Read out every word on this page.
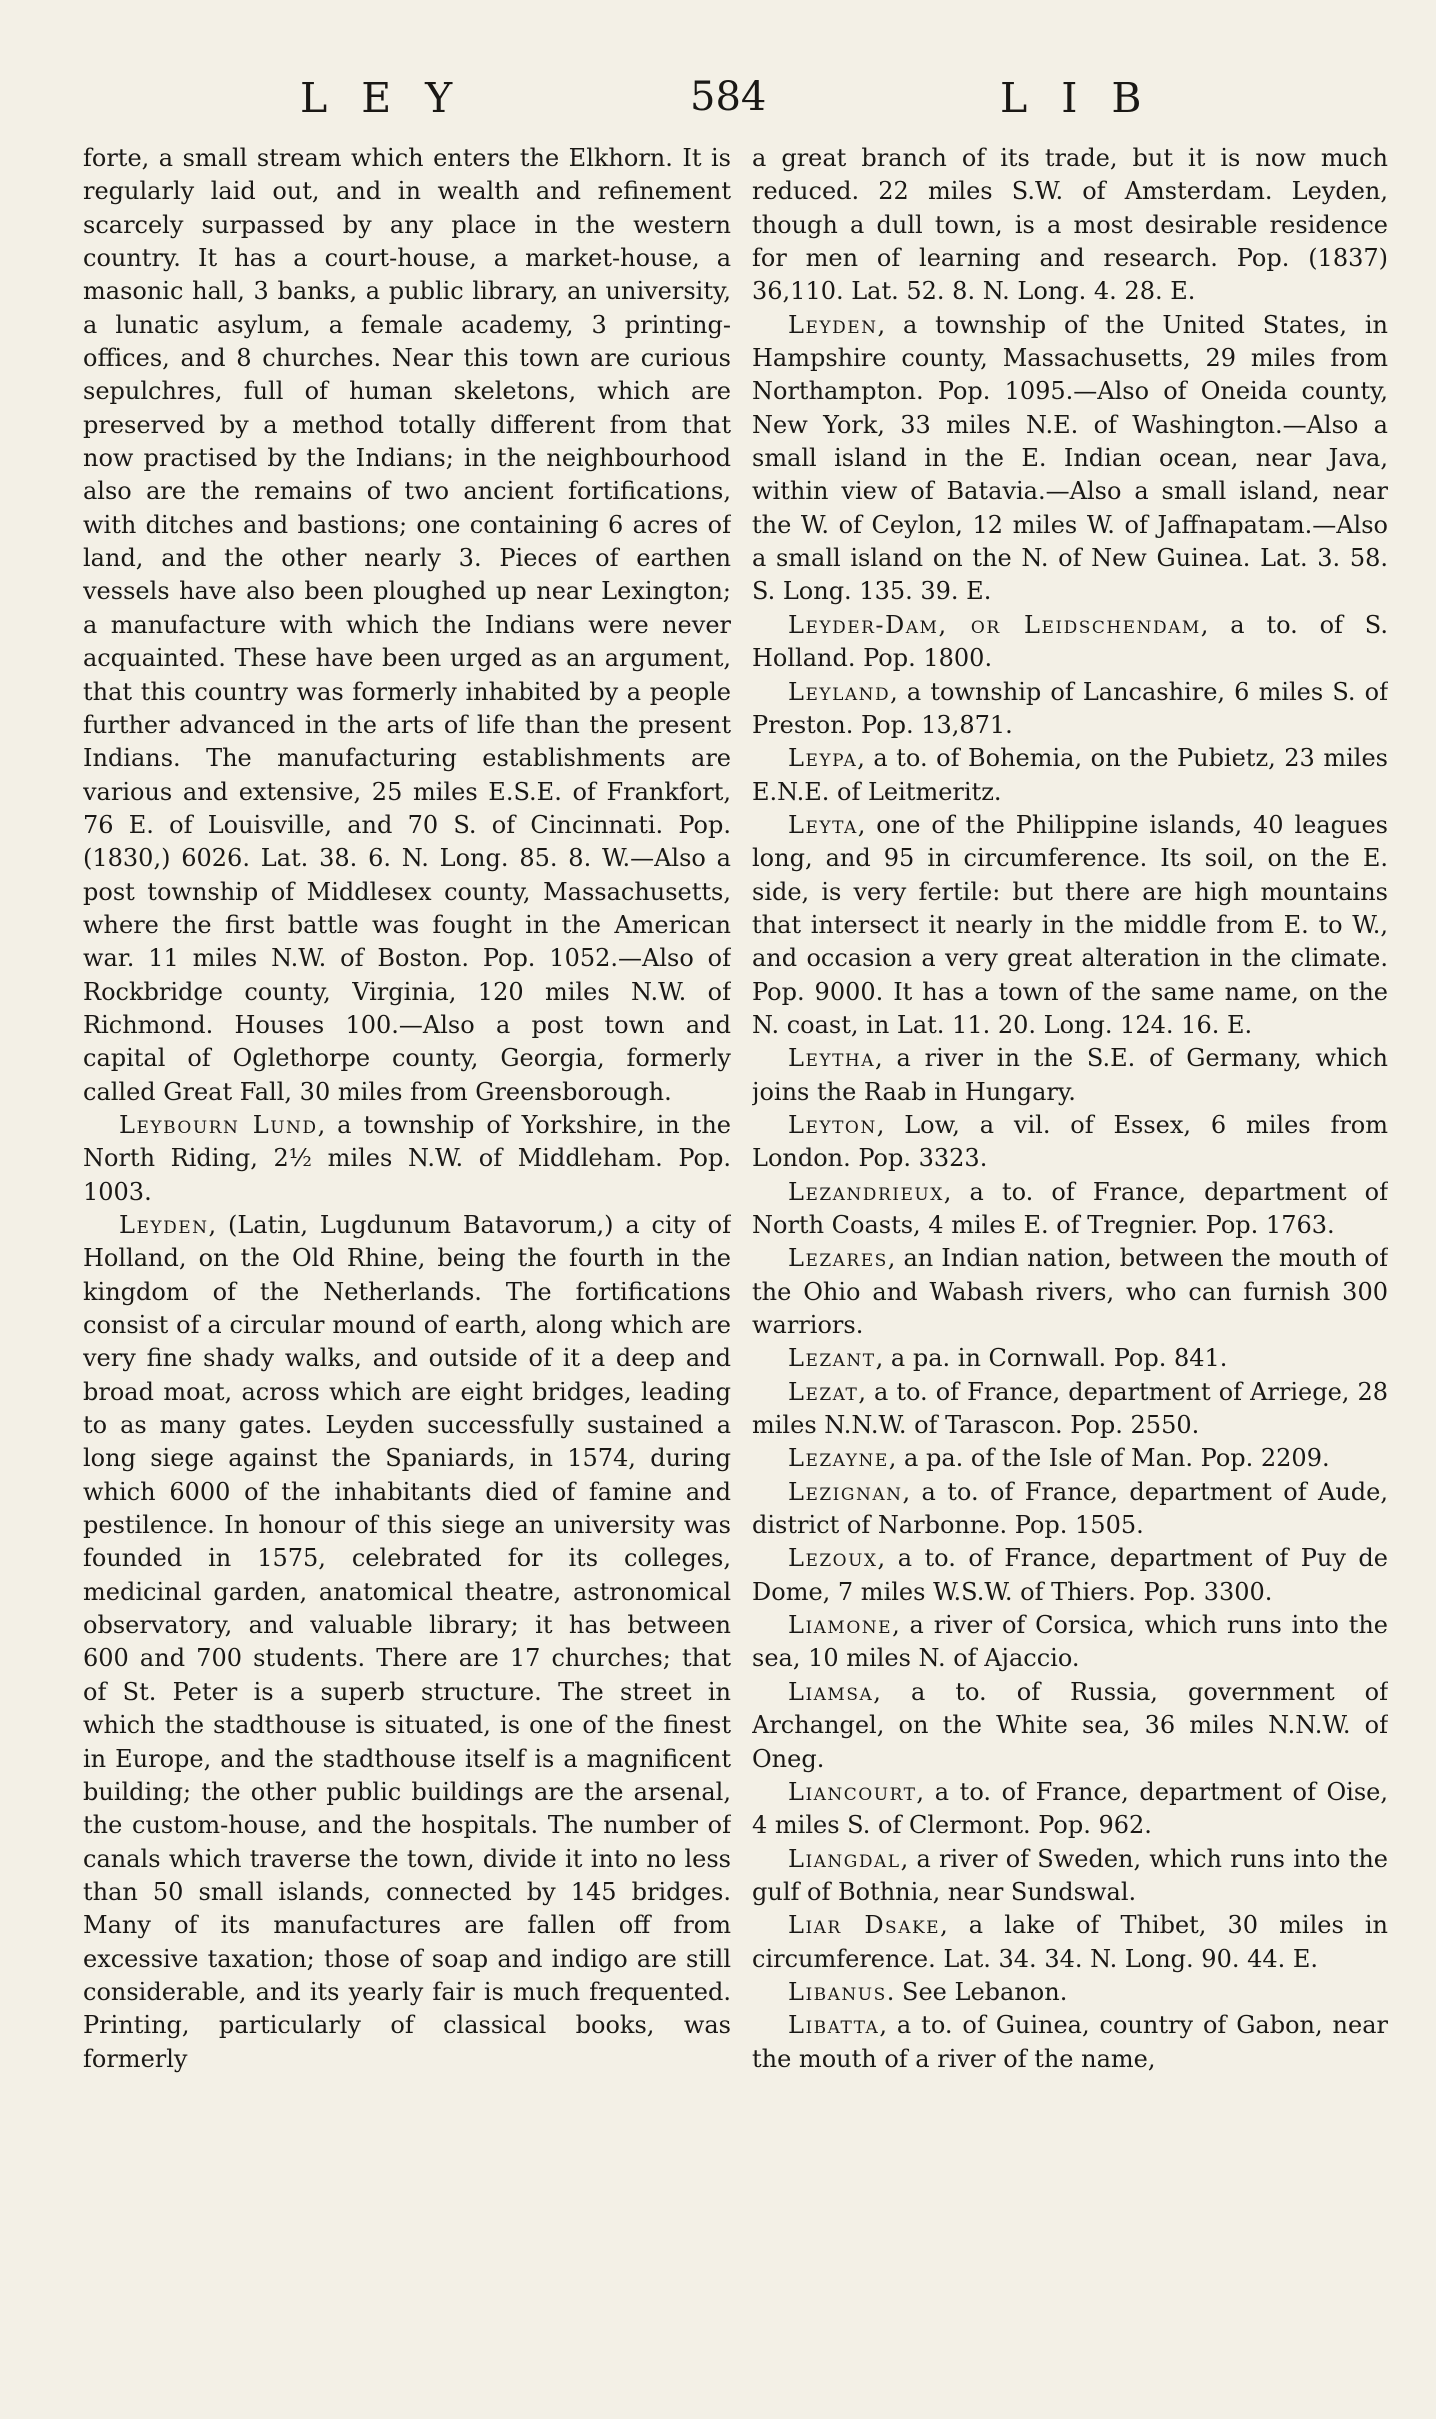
LEY	584	LIB

forte, a small stream which enters the Elkhorn. It is regularly laid out, and in wealth and refinement scarcely surpassed by any place in the western country. It has a court-house, a market-house, a masonic hall, 3 banks, a public library, an university, a lunatic asylum, a female academy, 3 printing-offices, and 8 churches. Near this town are curious sepulchres, full of human skeletons, which are preserved by a method totally different from that now practised by the Indians; in the neighbourhood also are the remains of two ancient fortifications, with ditches and bastions; one containing 6 acres of land, and the other nearly 3. Pieces of earthen vessels have also been ploughed up near Lexington; a manufacture with which the Indians were never acquainted. These have been urged as an argument, that this country was formerly inhabited by a people further advanced in the arts of life than the present Indians. The manufacturing establishments are various and extensive, 25 miles E.S.E. of Frankfort, 76 E. of Louisville, and 70 S. of Cincinnati. Pop. (1830,) 6026. Lat. 38. 6. N. Long. 85. 8. W.—Also a post township of Middlesex county, Massachusetts, where the first battle was fought in the American war. 11 miles N.W. of Boston. Pop. 1052.—Also of Rockbridge county, Virginia, 120 miles N.W. of Richmond. Houses 100.—Also a post town and capital of Oglethorpe county, Georgia, formerly called Great Fall, 30 miles from Greensborough.

Leybourn Lund, a township of Yorkshire, in the North Riding, 2½ miles N.W. of Middleham. Pop. 1003.

Leyden, (Latin, Lugdunum Batavorum,) a city of Holland, on the Old Rhine, being the fourth in the kingdom of the Netherlands. The fortifications consist of a circular mound of earth, along which are very fine shady walks, and outside of it a deep and broad moat, across which are eight bridges, leading to as many gates. Leyden successfully sustained a long siege against the Spaniards, in 1574, during which 6000 of the inhabitants died of famine and pestilence. In honour of this siege an university was founded in 1575, celebrated for its colleges, medicinal garden, anatomical theatre, astronomical observatory, and valuable library; it has between 600 and 700 students. There are 17 churches; that of St. Peter is a superb structure. The street in which the stadthouse is situated, is one of the finest in Europe, and the stadthouse itself is a magnificent building; the other public buildings are the arsenal, the custom-house, and the hospitals. The number of canals which traverse the town, divide it into no less than 50 small islands, connected by 145 bridges. Many of its manufactures are fallen off from excessive taxation; those of soap and indigo are still considerable, and its yearly fair is much frequented. Printing, particularly of classical books, was formerly

a great branch of its trade, but it is now much reduced. 22 miles S.W. of Amsterdam. Leyden, though a dull town, is a most desirable residence for men of learning and research. Pop. (1837) 36,110. Lat. 52. 8. N. Long. 4. 28. E.

Leyden, a township of the United States, in Hampshire county, Massachusetts, 29 miles from Northampton. Pop. 1095.—Also of Oneida county, New York, 33 miles N.E. of Washington.—Also a small island in the E. Indian ocean, near Java, within view of Batavia.—Also a small island, near the W. of Ceylon, 12 miles W. of Jaffnapatam.—Also a small island on the N. of New Guinea. Lat. 3. 58. S. Long. 135. 39. E.

Leyder-Dam, or Leidschendam, a to. of S. Holland. Pop. 1800.

Leyland, a township of Lancashire, 6 miles S. of Preston. Pop. 13,871.

Leypa, a to. of Bohemia, on the Pubietz, 23 miles E.N.E. of Leitmeritz.

Leyta, one of the Philippine islands, 40 leagues long, and 95 in circumference. Its soil, on the E. side, is very fertile: but there are high mountains that intersect it nearly in the middle from E. to W., and occasion a very great alteration in the climate. Pop. 9000. It has a town of the same name, on the N. coast, in Lat. 11. 20. Long. 124. 16. E.

Leytha, a river in the S.E. of Germany, which joins the Raab in Hungary.

Leyton, Low, a vil. of Essex, 6 miles from London. Pop. 3323.

Lezandrieux, a to. of France, department of North Coasts, 4 miles E. of Tregnier. Pop. 1763.

Lezares, an Indian nation, between the mouth of the Ohio and Wabash rivers, who can furnish 300 warriors.

Lezant, a pa. in Cornwall. Pop. 841.

Lezat, a to. of France, department of Arriege, 28 miles N.N.W. of Tarascon. Pop. 2550.

Lezayne, a pa. of the Isle of Man. Pop. 2209.

Lezignan, a to. of France, department of Aude, district of Narbonne. Pop. 1505.

Lezoux, a to. of France, department of Puy de Dome, 7 miles W.S.W. of Thiers. Pop. 3300.

Liamone, a river of Corsica, which runs into the sea, 10 miles N. of Ajaccio.

Liamsa, a to. of Russia, government of Archangel, on the White sea, 36 miles N.N.W. of Oneg.

Liancourt, a to. of France, department of Oise, 4 miles S. of Clermont. Pop. 962.

Liangdal, a river of Sweden, which runs into the gulf of Bothnia, near Sundswal.

Liar Dsake, a lake of Thibet, 30 miles in circumference. Lat. 34. 34. N. Long. 90. 44. E.

Libanus. See Lebanon.

Libatta, a to. of Guinea, country of Gabon, near the mouth of a river of the name,
